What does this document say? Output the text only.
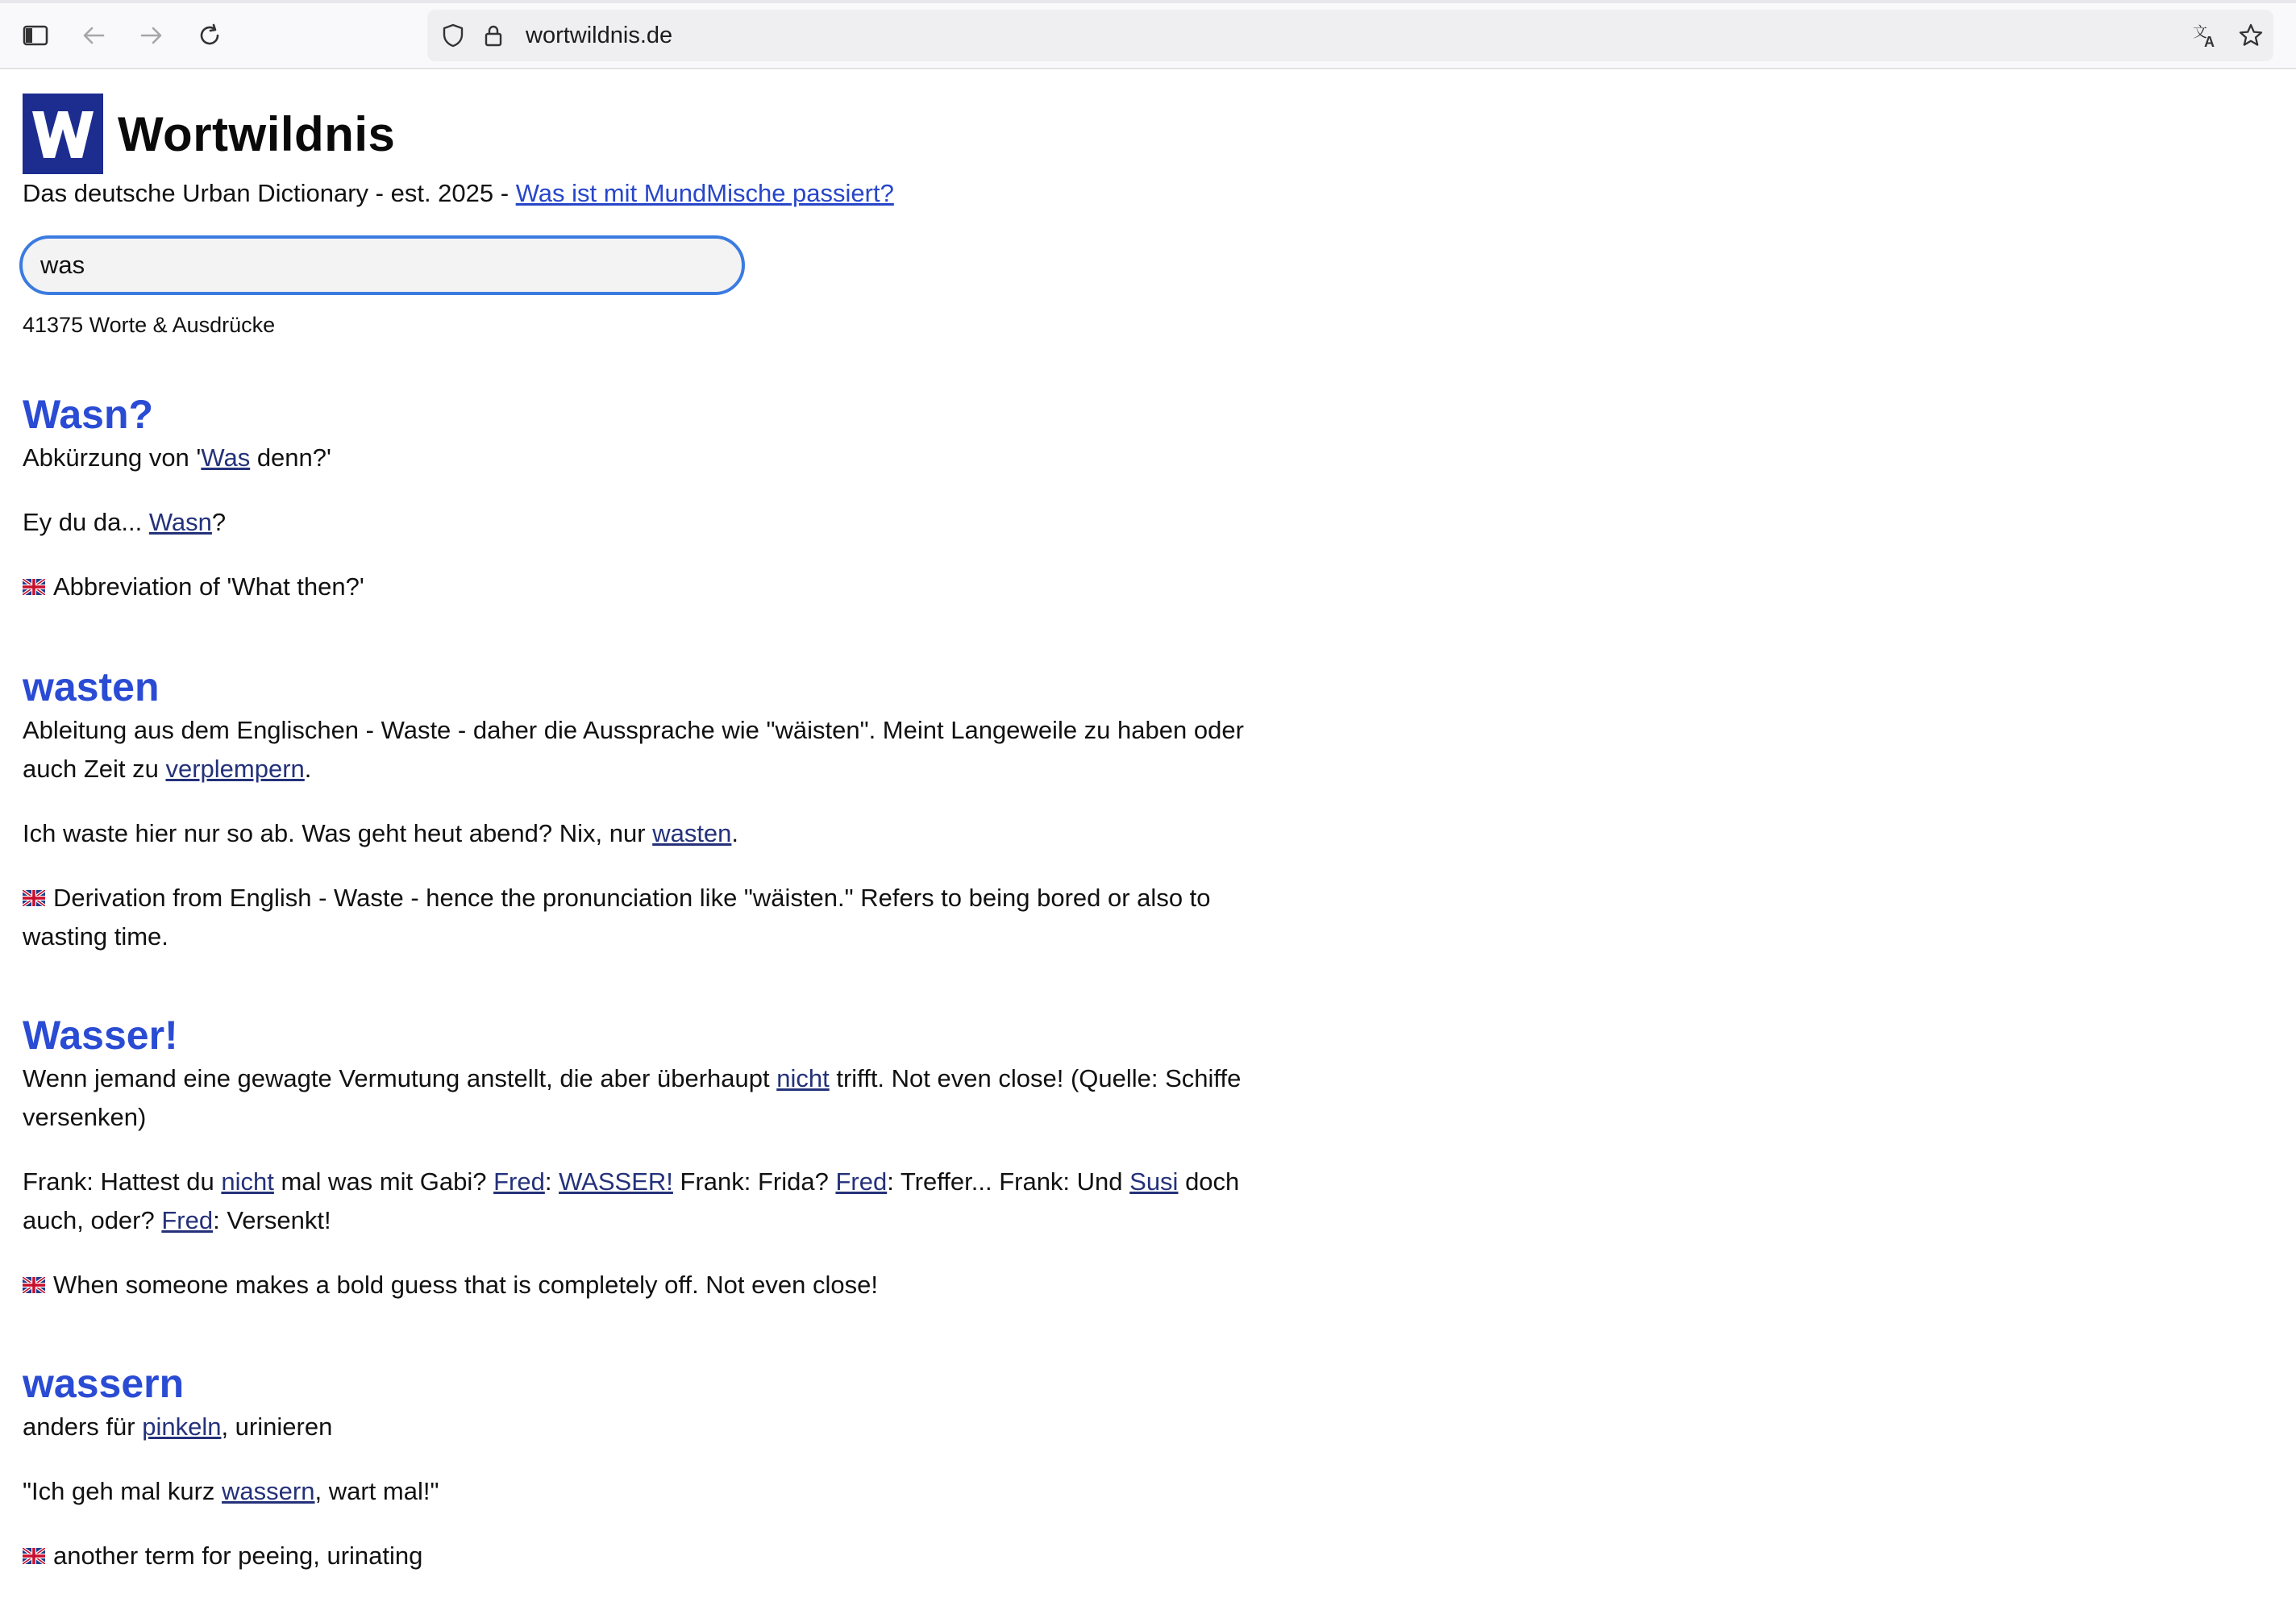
wortwildnis.de	文
A
Wortwildnis
Das deutsche Urban Dictionary - est. 2025 - Was ist mit MundMische passiert?
was
41375 Worte & Ausdrücke
Wasn?

Abkürzung von 'Was denn?'

Ey du da... Wasn?

Abbreviation of 'What then?'

wasten

Ableitung aus dem Englischen - Waste - daher die Aussprache wie "wäisten". Meint Langeweile zu haben oder auch Zeit zu verplempern.

Ich waste hier nur so ab. Was geht heut abend? Nix, nur wasten.

Derivation from English - Waste - hence the pronunciation like "wäisten." Refers to being bored or also to wasting time.

Wasser!

Wenn jemand eine gewagte Vermutung anstellt, die aber überhaupt nicht trifft. Not even close! (Quelle: Schiffe versenken)

Frank: Hattest du nicht mal was mit Gabi? Fred: WASSER! Frank: Frida? Fred: Treffer... Frank: Und Susi doch auch, oder? Fred: Versenkt!

When someone makes a bold guess that is completely off. Not even close!

wassern

anders für pinkeln, urinieren

"Ich geh mal kurz wassern, wart mal!"

another term for peeing, urinating
